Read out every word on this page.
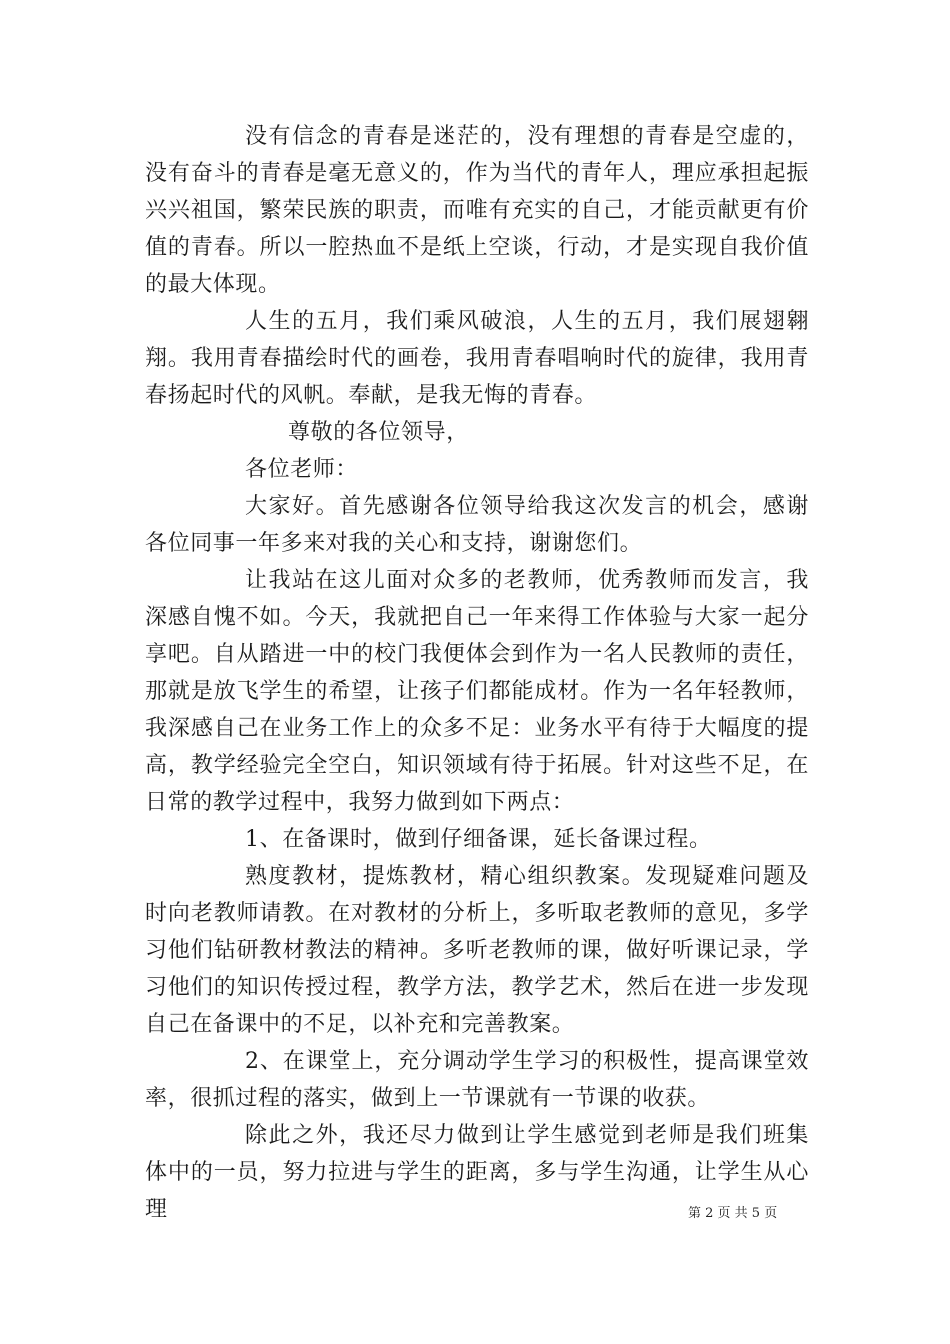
没有信念的青春是迷茫的，没有理想的青春是空虚的，没有奋斗的青春是毫无意义的，作为当代的青年人，理应承担起振兴兴祖国，繁荣民族的职责，而唯有充实的自己，才能贡献更有价值的青春。所以一腔热血不是纸上空谈，行动，才是实现自我价值的最大体现。

人生的五月，我们乘风破浪，人生的五月，我们展翅翱翔。我用青春描绘时代的画卷，我用青春唱响时代的旋律，我用青春扬起时代的风帆。奉献，是我无悔的青春。

尊敬的各位领导，

各位老师：

大家好。首先感谢各位领导给我这次发言的机会，感谢各位同事一年多来对我的关心和支持，谢谢您们。

让我站在这儿面对众多的老教师，优秀教师而发言，我深感自愧不如。今天，我就把自己一年来得工作体验与大家一起分享吧。自从踏进一中的校门我便体会到作为一名人民教师的责任，那就是放飞学生的希望，让孩子们都能成材。作为一名年轻教师，我深感自己在业务工作上的众多不足：业务水平有待于大幅度的提高，教学经验完全空白，知识领域有待于拓展。针对这些不足，在日常的教学过程中，我努力做到如下两点：

1、在备课时，做到仔细备课，延长备课过程。

熟度教材，提炼教材，精心组织教案。发现疑难问题及时向老教师请教。在对教材的分析上，多听取老教师的意见，多学习他们钻研教材教法的精神。多听老教师的课，做好听课记录，学习他们的知识传授过程，教学方法，教学艺术，然后在进一步发现自己在备课中的不足，以补充和完善教案。

2、在课堂上，充分调动学生学习的积极性，提高课堂效率，很抓过程的落实，做到上一节课就有一节课的收获。

除此之外，我还尽力做到让学生感觉到老师是我们班集体中的一员，努力拉进与学生的距离，多与学生沟通，让学生从心理	第 2 页 共 5 页
